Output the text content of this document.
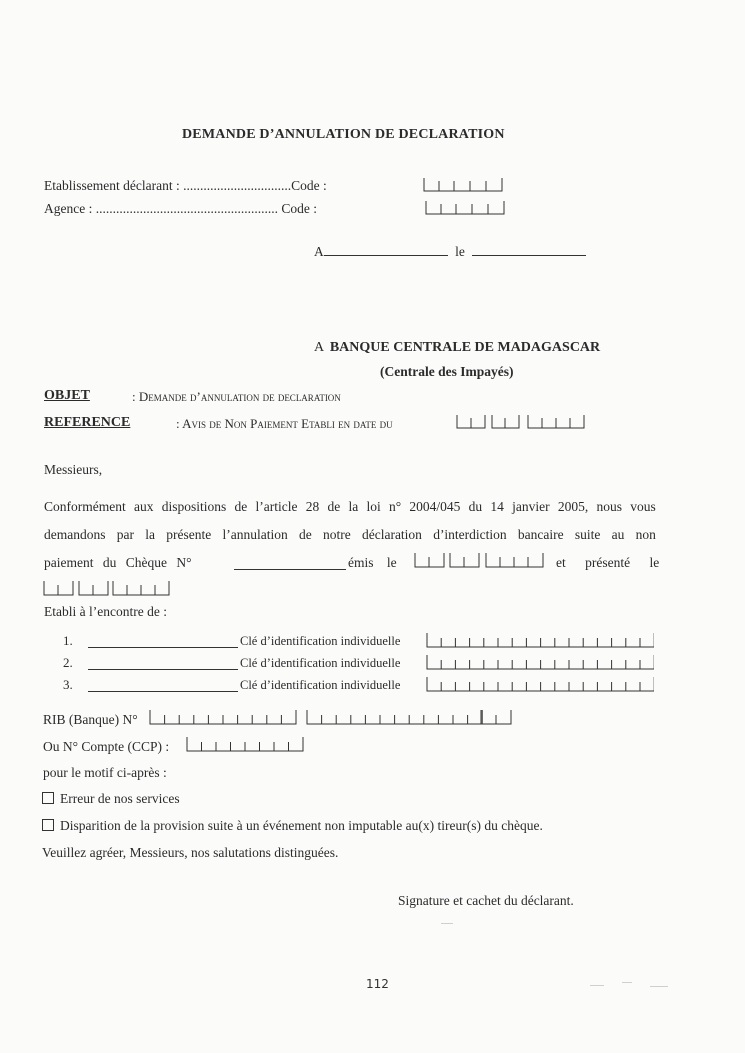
DEMANDE D’ANNULATION DE DECLARATION
Etablissement déclarant : ................................Code :
Agence : ...................................................... Code :
A	le
A BANQUE CENTRALE DE MADAGASCAR
(Centrale des Impayés)
OBJET	: Demande d’annulation de declaration
REFERENCE	: Avis de Non Paiement Etabli en date du
Messieurs,
Conformément aux dispositions de l’article 28 de la loi n° 2004/045 du 14 janvier 2005, nous vous
demandons par la présente l’annulation de notre déclaration d’interdiction bancaire suite au non
paiement du Chèque N°	émis le	et présenté le
Etabli à l’encontre de :
1.	Clé d’identification individuelle
2.	Clé d’identification individuelle
3.	Clé d’identification individuelle
RIB (Banque) N°
Ou N° Compte (CCP) :
pour le motif ci-après :
Erreur de nos services
Disparition de la provision suite à un événement non imputable au(x) tireur(s) du chèque.
Veuillez agréer, Messieurs, nos salutations distinguées.
Signature et cachet du déclarant.
112
